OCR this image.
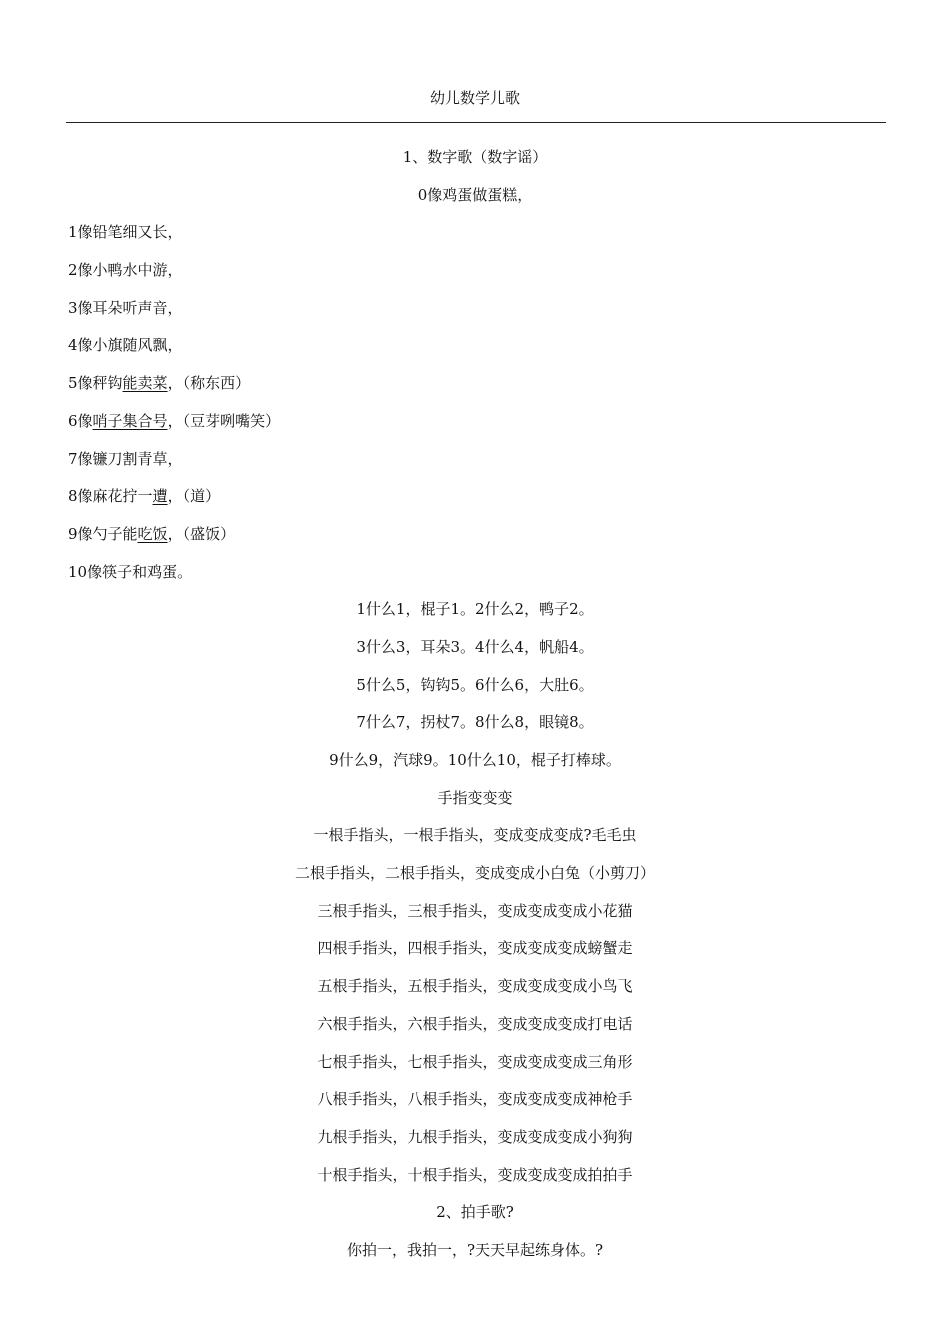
幼儿数学儿歌
1、数字歌（数字谣）
0像鸡蛋做蛋糕，
1像铅笔细又长，
2像小鸭水中游，
3像耳朵听声音，
4像小旗随风飘，
5像秤钩能卖菜，（称东西）
6像哨子集合号，（豆芽咧嘴笑）
7像镰刀割青草，
8像麻花拧一遭，（道）
9像勺子能吃饭，（盛饭）
10像筷子和鸡蛋。
1什么1，棍子1。2什么2，鸭子2。
3什么3，耳朵3。4什么4，帆船4。
5什么5，钩钩5。6什么6，大肚6。
7什么7，拐杖7。8什么8，眼镜8。
9什么9，汽球9。10什么10，棍子打棒球。
手指变变变
一根手指头，一根手指头，变成变成变成?毛毛虫
二根手指头，二根手指头，变成变成小白兔（小剪刀）
三根手指头，三根手指头，变成变成变成小花猫
四根手指头，四根手指头，变成变成变成螃蟹走
五根手指头，五根手指头，变成变成变成小鸟飞
六根手指头，六根手指头，变成变成变成打电话
七根手指头，七根手指头，变成变成变成三角形
八根手指头，八根手指头，变成变成变成神枪手
九根手指头，九根手指头，变成变成变成小狗狗
十根手指头，十根手指头，变成变成变成拍拍手
2、拍手歌?
你拍一，我拍一，?天天早起练身体。?
